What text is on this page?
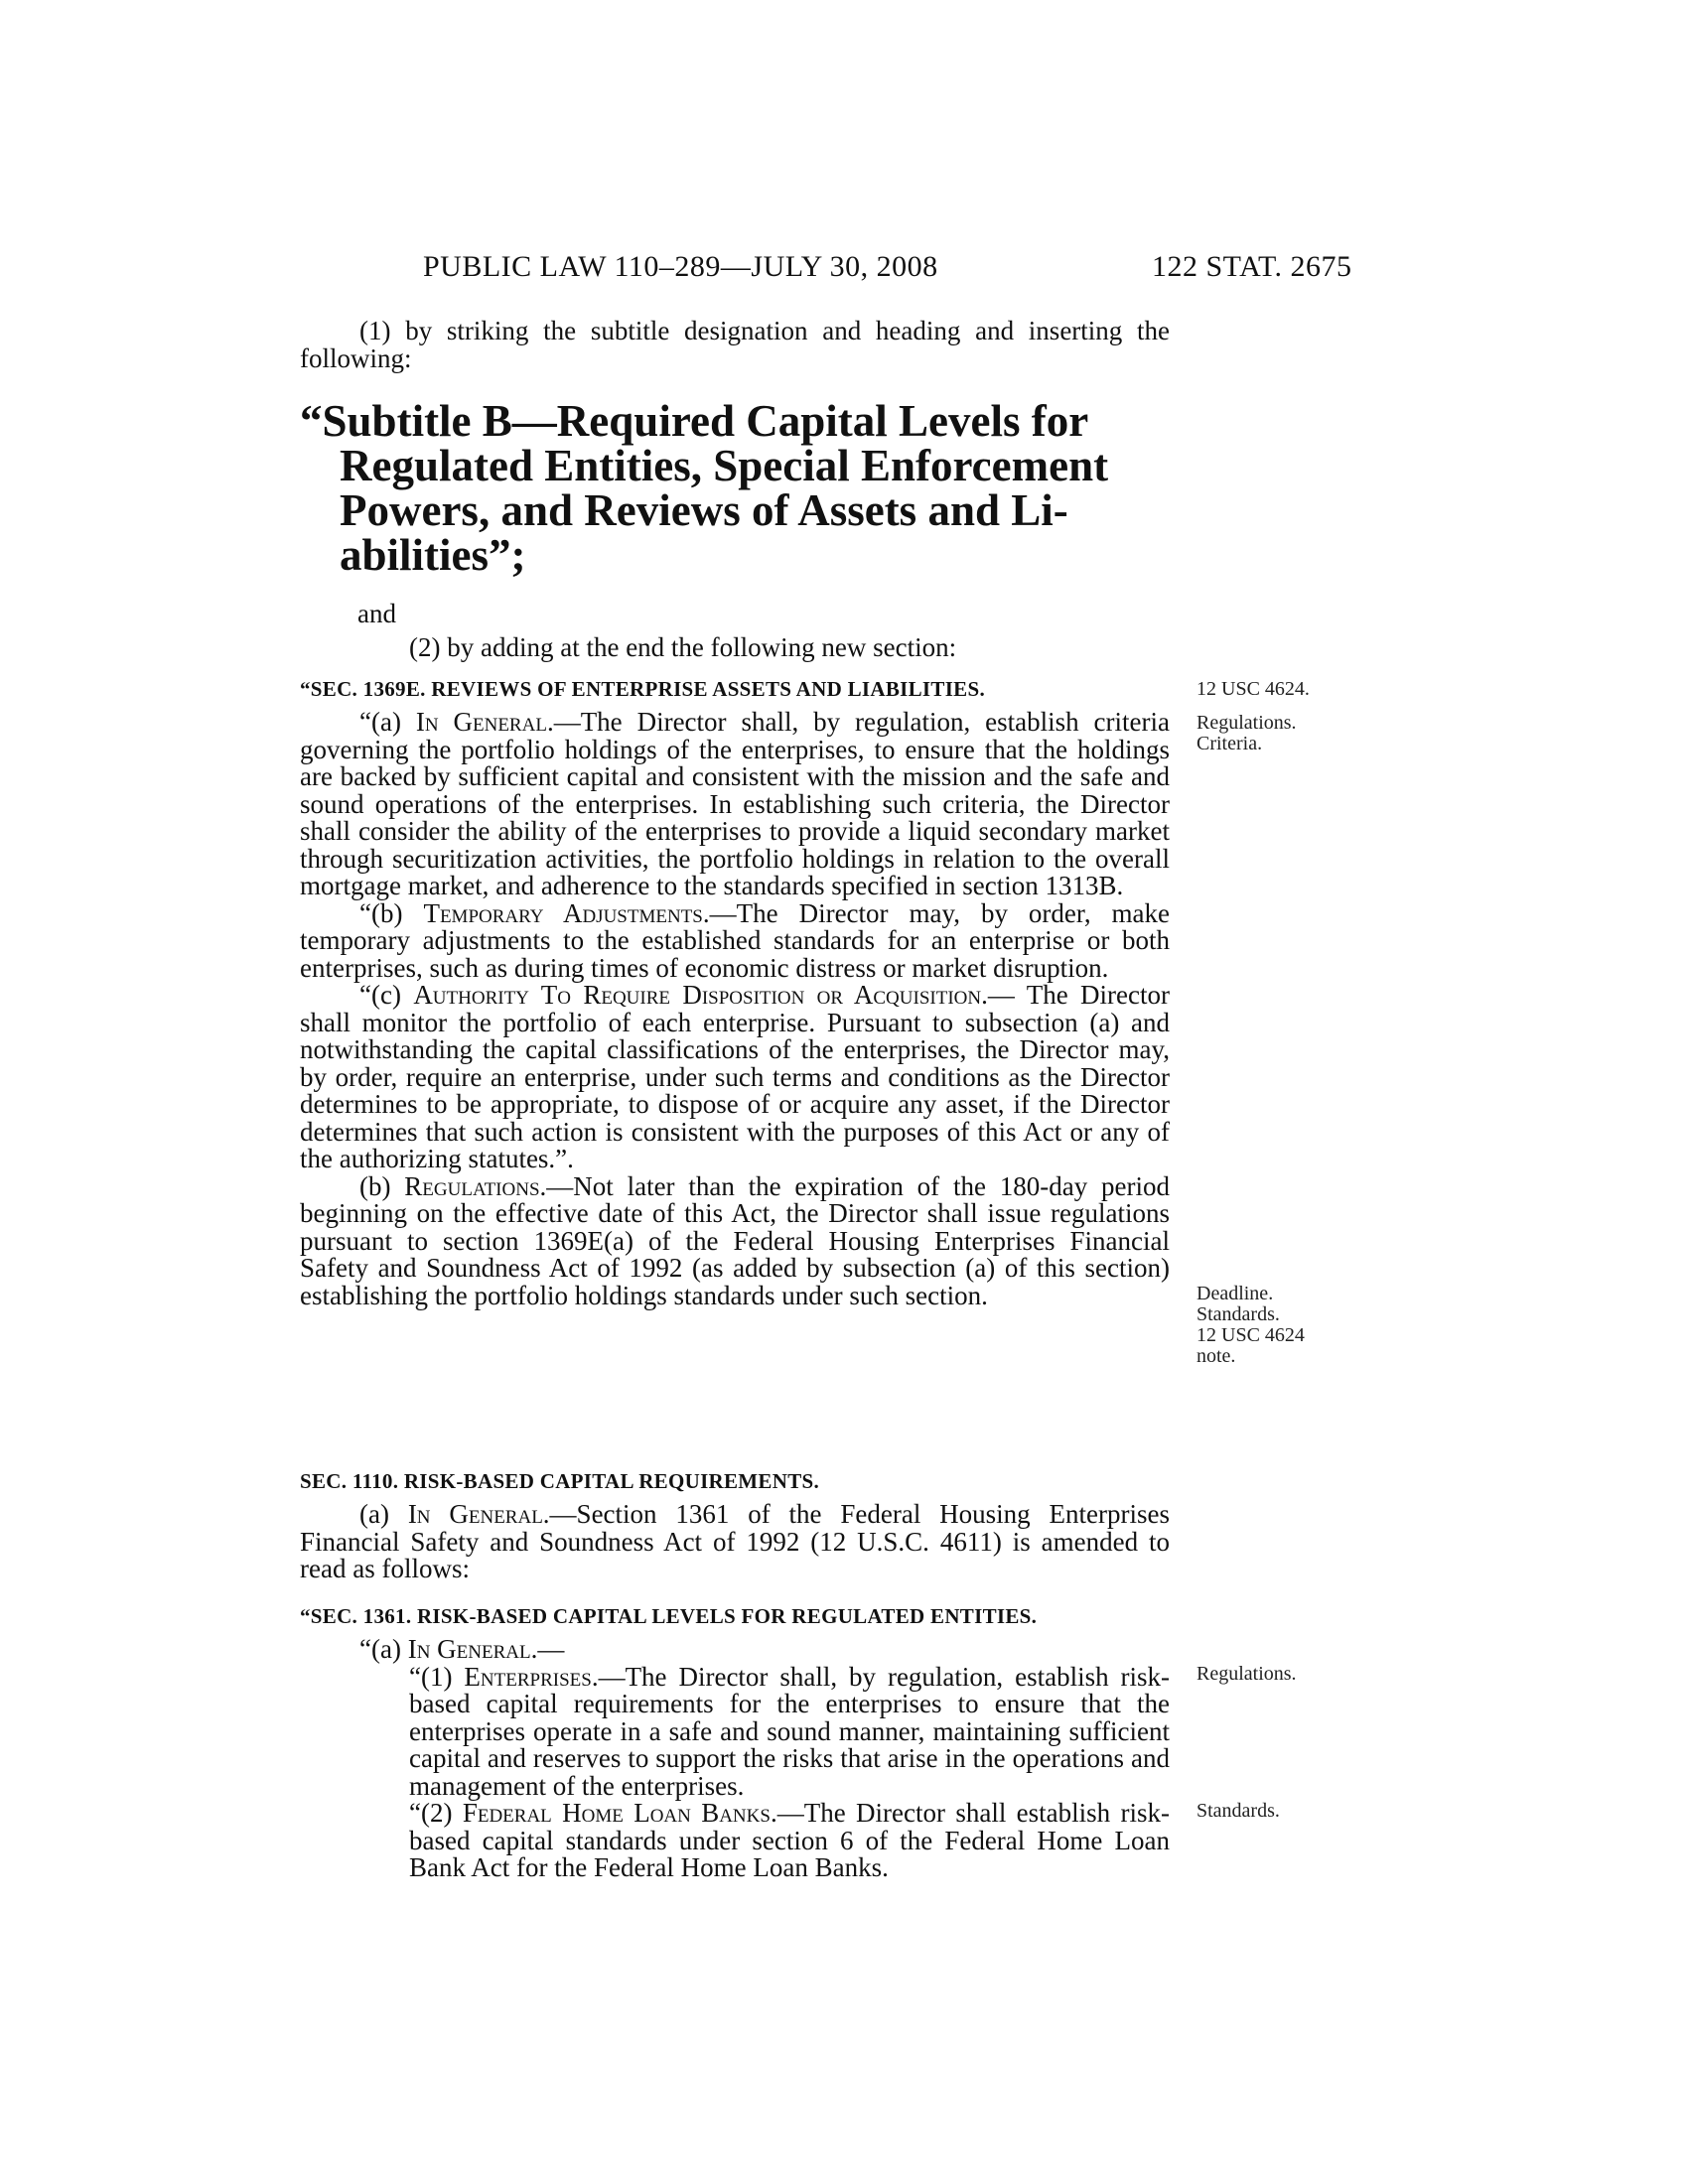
PUBLIC LAW 110–289—JULY 30, 2008	122 STAT. 2675

(1) by striking the subtitle designation and heading and inserting the following:

“Subtitle B—Required Capital Levels for
Regulated Entities, Special Enforcement
Powers, and Reviews of Assets and Li-
abilities”;

and

(2) by adding at the end the following new section:

“SEC. 1369E. REVIEWS OF ENTERPRISE ASSETS AND LIABILITIES.

“(a) In General.—The Director shall, by regulation, establish criteria governing the portfolio holdings of the enterprises, to ensure that the holdings are backed by sufficient capital and consistent with the mission and the safe and sound operations of the enterprises. In establishing such criteria, the Director shall consider the ability of the enterprises to provide a liquid secondary market through securitization activities, the portfolio holdings in relation to the overall mortgage market, and adherence to the standards specified in section 1313B.

“(b) Temporary Adjustments.—The Director may, by order, make temporary adjustments to the established standards for an enterprise or both enterprises, such as during times of economic distress or market disruption.

“(c) Authority To Require Disposition or Acquisition.— The Director shall monitor the portfolio of each enterprise. Pursuant to subsection (a) and notwithstanding the capital classifications of the enterprises, the Director may, by order, require an enterprise, under such terms and conditions as the Director determines to be appropriate, to dispose of or acquire any asset, if the Director determines that such action is consistent with the purposes of this Act or any of the authorizing statutes.”.

(b) Regulations.—Not later than the expiration of the 180-day period beginning on the effective date of this Act, the Director shall issue regulations pursuant to section 1369E(a) of the Federal Housing Enterprises Financial Safety and Soundness Act of 1992 (as added by subsection (a) of this section) establishing the portfolio holdings standards under such section.

SEC. 1110. RISK-BASED CAPITAL REQUIREMENTS.

(a) In General.—Section 1361 of the Federal Housing Enterprises Financial Safety and Soundness Act of 1992 (12 U.S.C. 4611) is amended to read as follows:

“SEC. 1361. RISK-BASED CAPITAL LEVELS FOR REGULATED ENTITIES.

“(a) In General.—

“(1) Enterprises.—The Director shall, by regulation, establish risk-based capital requirements for the enterprises to ensure that the enterprises operate in a safe and sound manner, maintaining sufficient capital and reserves to support the risks that arise in the operations and management of the enterprises.

“(2) Federal Home Loan Banks.—The Director shall establish risk-based capital standards under section 6 of the Federal Home Loan Bank Act for the Federal Home Loan Banks.

12 USC 4624.
Regulations.
Criteria.
Deadline.
Standards.
12 USC 4624
note.
Regulations.
Standards.
